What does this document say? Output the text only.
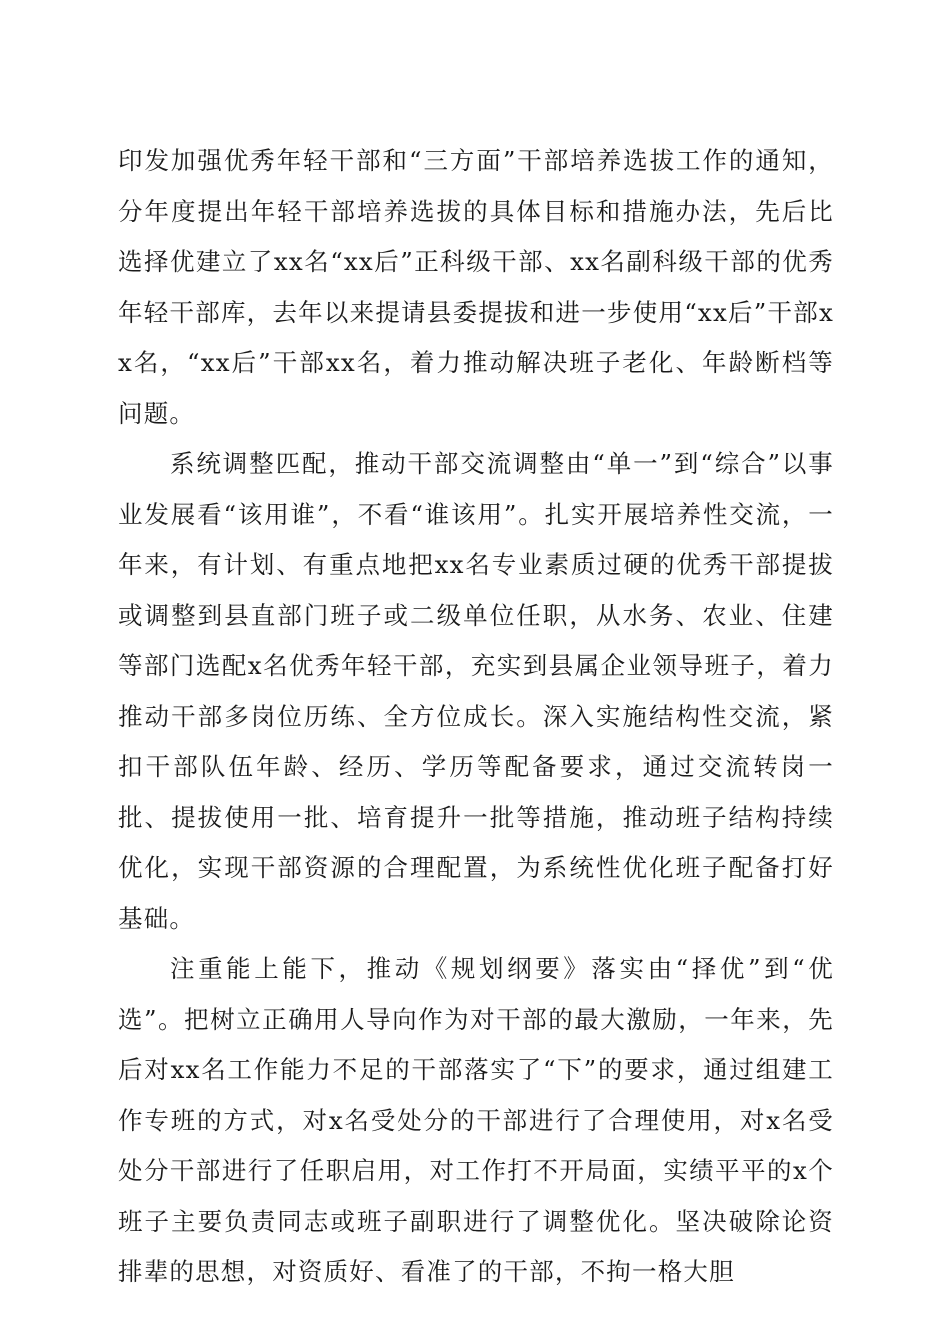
印发加强优秀年轻干部和“三方面”干部培养选拔工作的通知，分年度提出年轻干部培养选拔的具体目标和措施办法，先后比选择优建立了xx名“xx后”正科级干部、xx名副科级干部的优秀年轻干部库，去年以来提请县委提拔和进一步使用“xx后”干部xx名，“xx后”干部xx名，着力推动解决班子老化、年龄断档等问题。

系统调整匹配，推动干部交流调整由“单一”到“综合”以事业发展看“该用谁”，不看“谁该用”。扎实开展培养性交流，一年来，有计划、有重点地把xx名专业素质过硬的优秀干部提拔或调整到县直部门班子或二级单位任职，从水务、农业、住建等部门选配x名优秀年轻干部，充实到县属企业领导班子，着力推动干部多岗位历练、全方位成长。深入实施结构性交流，紧扣干部队伍年龄、经历、学历等配备要求，通过交流转岗一批、提拔使用一批、培育提升一批等措施，推动班子结构持续优化，实现干部资源的合理配置，为系统性优化班子配备打好基础。

注重能上能下，推动《规划纲要》落实由“择优”到“优选”。把树立正确用人导向作为对干部的最大激励，一年来，先后对xx名工作能力不足的干部落实了“下”的要求，通过组建工作专班的方式，对x名受处分的干部进行了合理使用，对x名受处分干部进行了任职启用，对工作打不开局面，实绩平平的x个班子主要负责同志或班子副职进行了调整优化。坚决破除论资排辈的思想，对资质好、看准了的干部，不拘一格大胆
